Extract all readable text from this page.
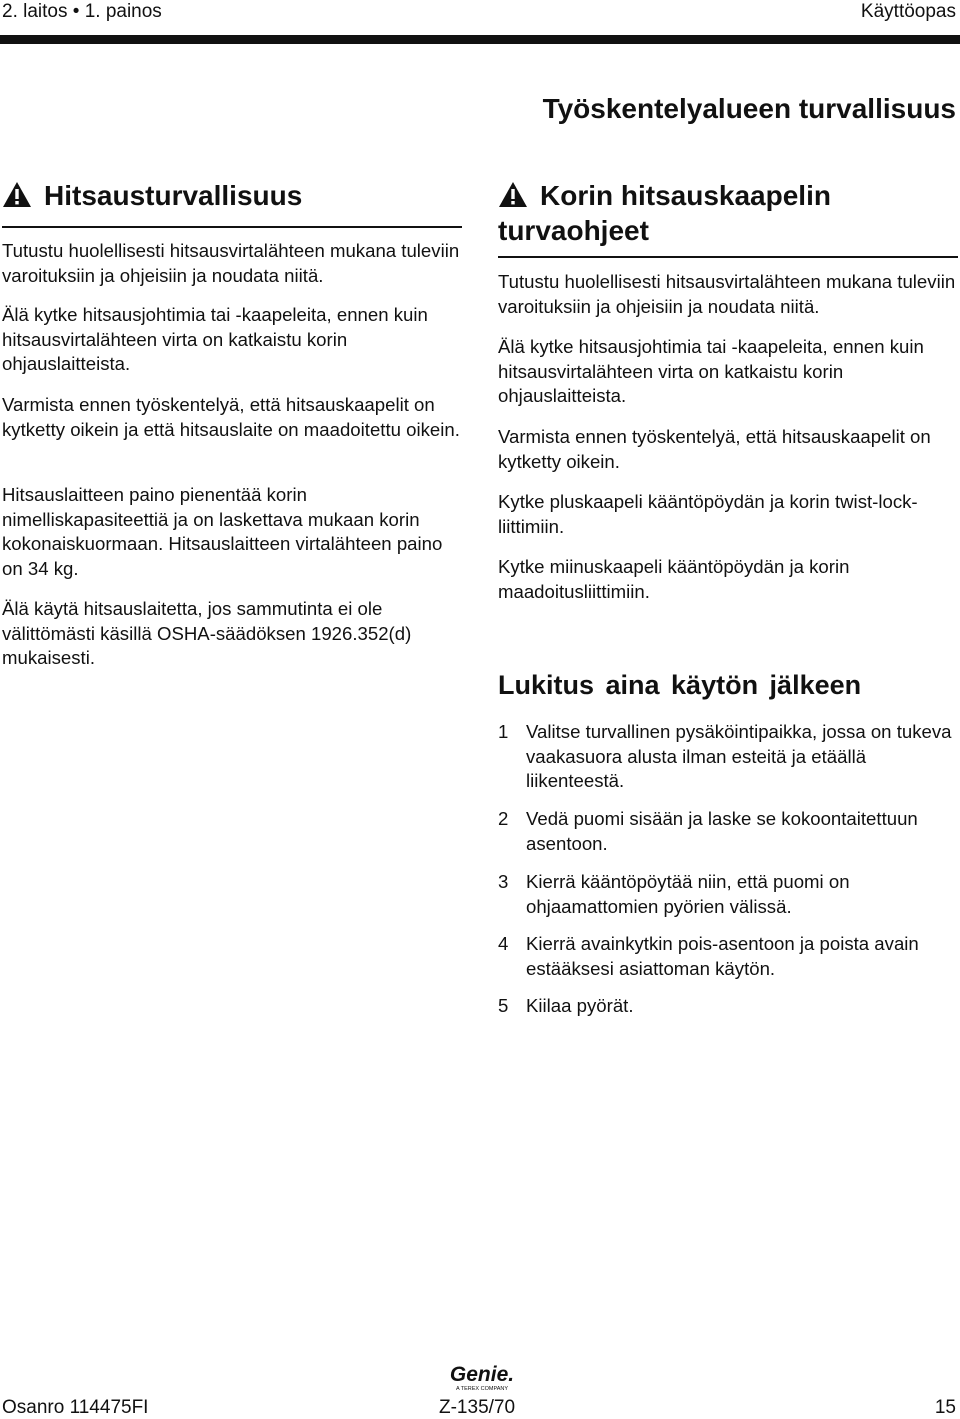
2. laitos • 1. painos	Käyttöopas
Työskentelyalueen turvallisuus
Hitsausturvallisuus

Tutustu huolellisesti hitsausvirtalähteen mukana tuleviin varoituksiin ja ohjeisiin ja noudata niitä.

Älä kytke hitsausjohtimia tai -kaapeleita, ennen kuin hitsausvirtalähteen virta on katkaistu korin ohjauslaitteista.

Varmista ennen työskentelyä, että hitsauskaapelit on kytketty oikein ja että hitsauslaite on maadoitettu oikein.

Hitsauslaitteen paino pienentää korin nimelliskapasiteettiä ja on laskettava mukaan korin kokonaiskuormaan. Hitsauslaitteen virtalähteen paino on 34 kg.

Älä käytä hitsauslaitetta, jos sammutinta ei ole välittömästi käsillä OSHA-säädöksen 1926.352(d) mukaisesti.

Korin hitsauskaapelin turvaohjeet

Tutustu huolellisesti hitsausvirtalähteen mukana tuleviin varoituksiin ja ohjeisiin ja noudata niitä.

Älä kytke hitsausjohtimia tai -kaapeleita, ennen kuin hitsausvirtalähteen virta on katkaistu korin ohjauslaitteista.

Varmista ennen työskentelyä, että hitsauskaapelit on kytketty oikein.

Kytke pluskaapeli kääntöpöydän ja korin twist-lock-liittimiin.

Kytke miinuskaapeli kääntöpöydän ja korin maadoitusliittimiin.

Lukitus aina käytön jälkeen
1 Valitse turvallinen pysäköintipaikka, jossa on tukeva vaakasuora alusta ilman esteitä ja etäällä liikenteestä.
2 Vedä puomi sisään ja laske se kokoontaitettuun asentoon.
3 Kierrä kääntöpöytää niin, että puomi on ohjaamattomien pyörien välissä.
4 Kierrä avainkytkin pois-asentoon ja poista avain estääksesi asiattoman käytön.
5 Kiilaa pyörät.
Genie.
A TEREX COMPANY
Osanro 114475FI	Z-135/70	15
